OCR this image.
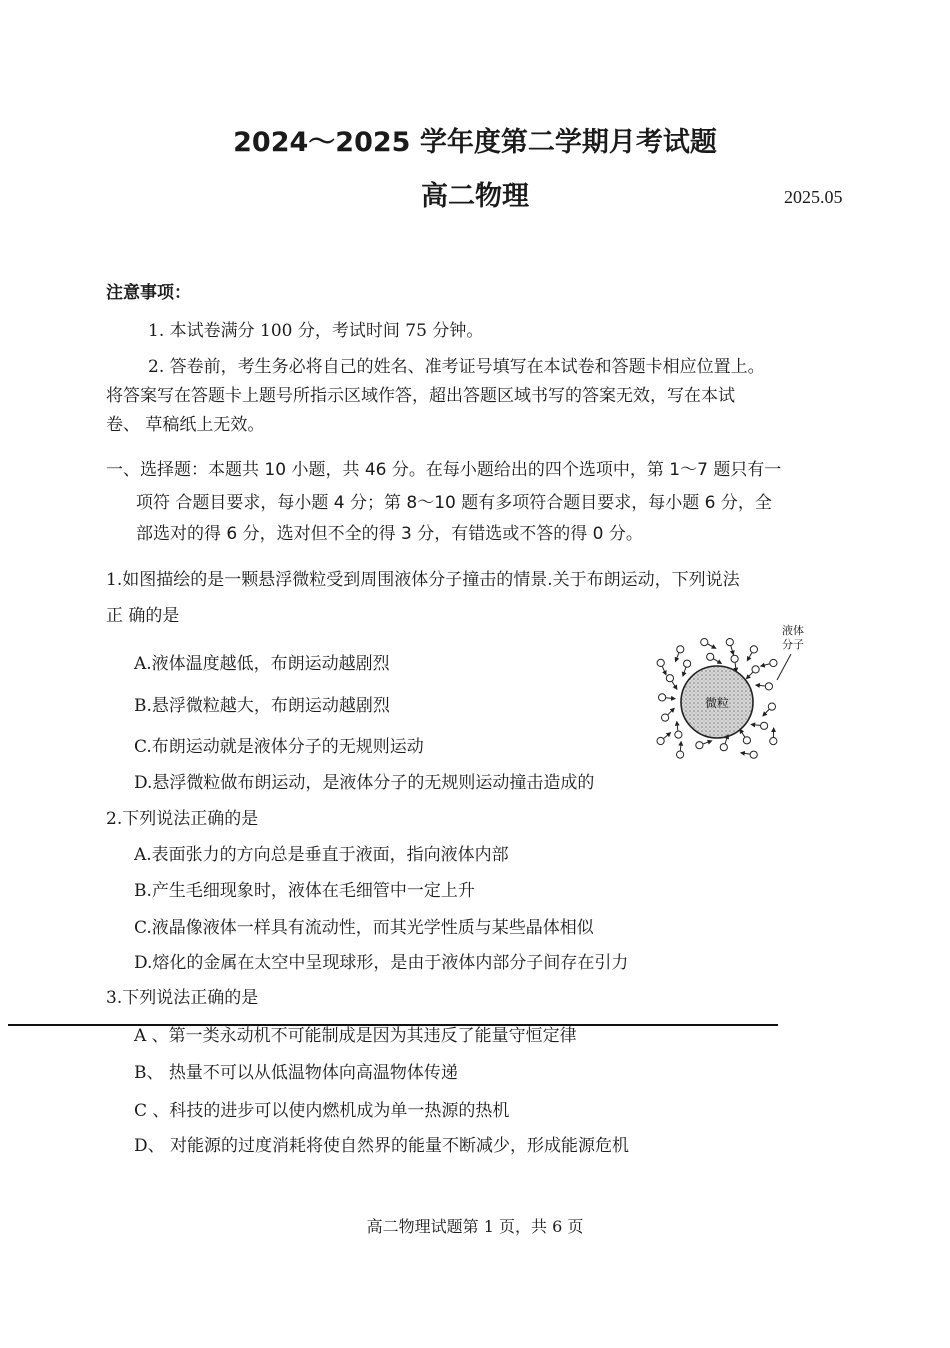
2024～2025 学年度第二学期月考试题
高二物理	2025.05
注意事项：
1. 本试卷满分 100 分，考试时间 75 分钟。
2. 答卷前，考生务必将自己的姓名、准考证号填写在本试卷和答题卡相应位置上。
将答案写在答题卡上题号所指示区域作答，超出答题区域书写的答案无效，写在本试
卷、 草稿纸上无效。
一、选择题：本题共 10 小题，共 46 分。在每小题给出的四个选项中，第 1～7 题只有一
项符 合题目要求，每小题 4 分；第 8～10 题有多项符合题目要求，每小题 6 分，全
部选对的得 6 分，选对但不全的得 3 分，有错选或不答的得 0 分。
1.如图描绘的是一颗悬浮微粒受到周围液体分子撞击的情景.关于布朗运动，下列说法
正 确的是
A.液体温度越低，布朗运动越剧烈
B.悬浮微粒越大，布朗运动越剧烈
C.布朗运动就是液体分子的无规则运动
D.悬浮微粒做布朗运动，是液体分子的无规则运动撞击造成的
微粒
液体
分子
2.下列说法正确的是
A.表面张力的方向总是垂直于液面，指向液体内部
B.产生毛细现象时，液体在毛细管中一定上升
C.液晶像液体一样具有流动性，而其光学性质与某些晶体相似
D.熔化的金属在太空中呈现球形，是由于液体内部分子间存在引力
3.下列说法正确的是
A 、第一类永动机不可能制成是因为其违反了能量守恒定律
B、 热量不可以从低温物体向高温物体传递
C 、科技的进步可以使内燃机成为单一热源的热机
D、 对能源的过度消耗将使自然界的能量不断减少，形成能源危机
高二物理试题第 1 页，共 6 页
